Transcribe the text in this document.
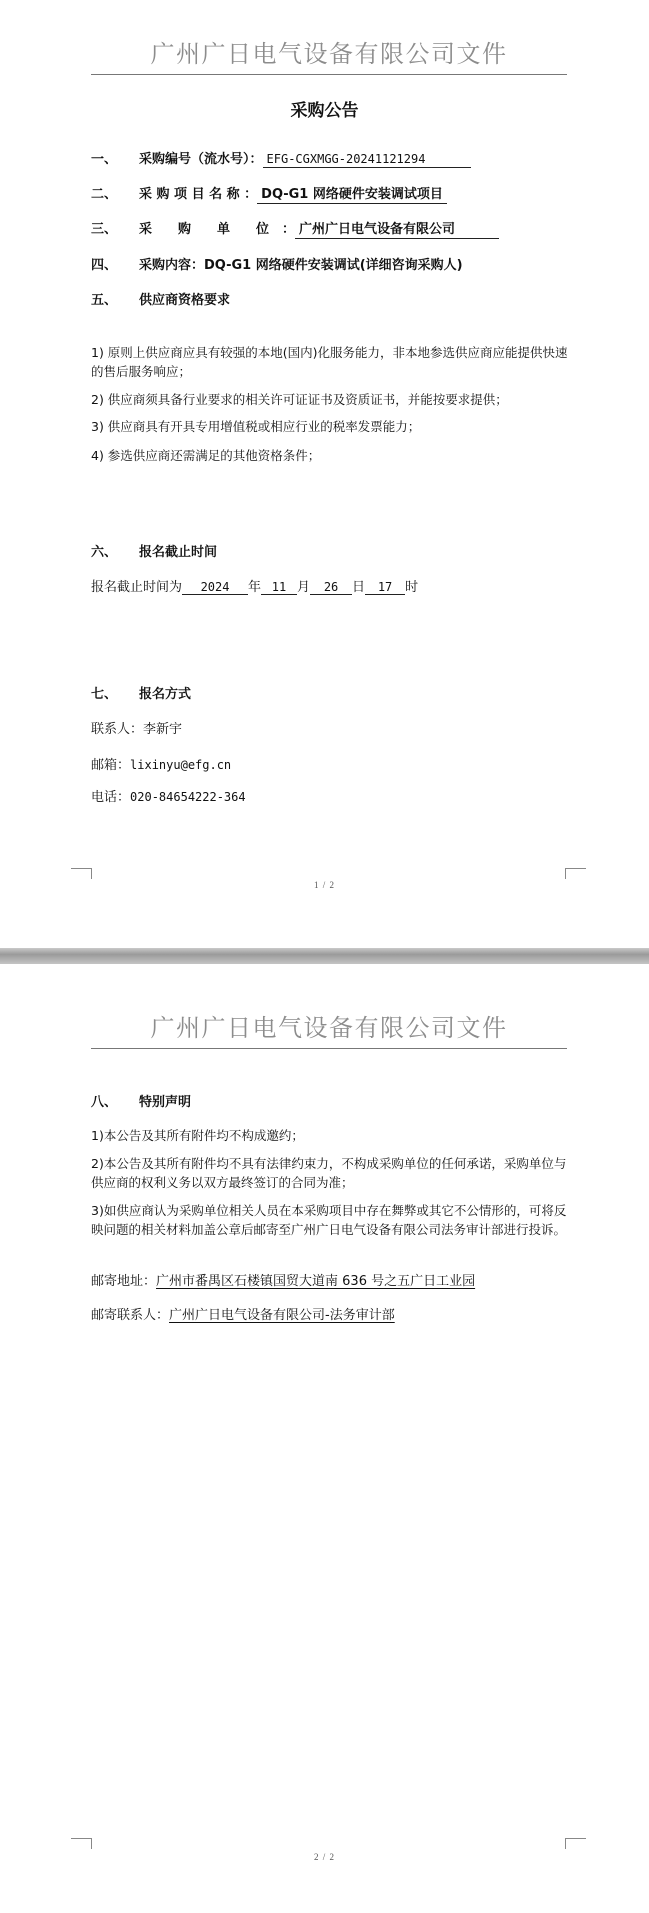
广州广日电气设备有限公司文件
采购公告
一、 采购编号（流水号）： EFG-CGXMGG-20241121294
二、 采 购 项 目 名 称 ： DQ-G1 网络硬件安装调试项目
三、 采　　购　　单　　位　： 广州广日电气设备有限公司
四、 采购内容：DQ-G1 网络硬件安装调试(详细咨询采购人)
五、 供应商资格要求
1) 原则上供应商应具有较强的本地(国内)化服务能力，非本地参选供应商应能提供快速的售后服务响应；
2) 供应商须具备行业要求的相关许可证证书及资质证书，并能按要求提供；
3) 供应商具有开具专用增值税或相应行业的税率发票能力；
4) 参选供应商还需满足的其他资格条件；
六、 报名截止时间
报名截止时间为 2024 年 11 月 26 日 17 时
七、 报名方式
联系人：李新宇
邮箱：lixinyu@efg.cn
电话：020-84654222-364
1 / 2
广州广日电气设备有限公司文件
八、 特别声明
1)本公告及其所有附件均不构成邀约；
2)本公告及其所有附件均不具有法律约束力，不构成采购单位的任何承诺，采购单位与供应商的权利义务以双方最终签订的合同为准；
3)如供应商认为采购单位相关人员在本采购项目中存在舞弊或其它不公情形的，可将反映问题的相关材料加盖公章后邮寄至广州广日电气设备有限公司法务审计部进行投诉。
邮寄地址：广州市番禺区石楼镇国贸大道南 636 号之五广日工业园
邮寄联系人：广州广日电气设备有限公司-法务审计部
2 / 2
